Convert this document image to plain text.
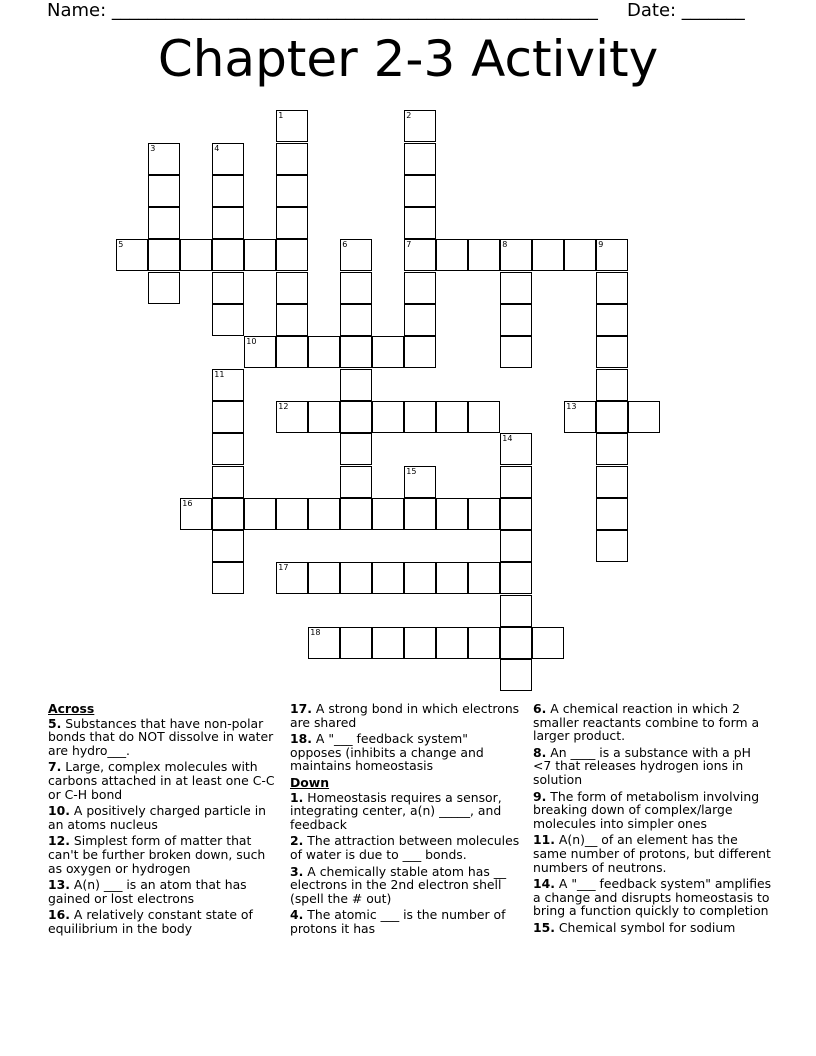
Name: ______________________________________________________ Date: _______
Chapter 2-3 Activity
1	2
7
3	4
5	6	8	9
10
11
12	13
14
15
16
17
18
Across
5. Substances that have non-polar bonds that do NOT dissolve in water are hydro___.
7. Large, complex molecules with carbons attached in at least one C-C or C-H bond
10. A positively charged particle in an atoms nucleus
12. Simplest form of matter that can't be further broken down, such as oxygen or hydrogen
13. A(n) ___ is an atom that has gained or lost electrons
16. A relatively constant state of equilibrium in the body
17. A strong bond in which electrons are shared
18. A "___ feedback system" opposes (inhibits a change and maintains homeostasis
Down
1. Homeostasis requires a sensor, integrating center, a(n) _____, and feedback
2. The attraction between molecules of water is due to ___ bonds.
3. A chemically stable atom has __ electrons in the 2nd electron shell (spell the # out)
4. The atomic ___ is the number of protons it has
6. A chemical reaction in which 2 smaller reactants combine to form a larger product.
8. An ____ is a substance with a pH <7 that releases hydrogen ions in solution
9. The form of metabolism involving breaking down of complex/large molecules into simpler ones
11. A(n)__ of an element has the same number of protons, but different numbers of neutrons.
14. A "___ feedback system" amplifies a change and disrupts homeostasis to bring a function quickly to completion
15. Chemical symbol for sodium
